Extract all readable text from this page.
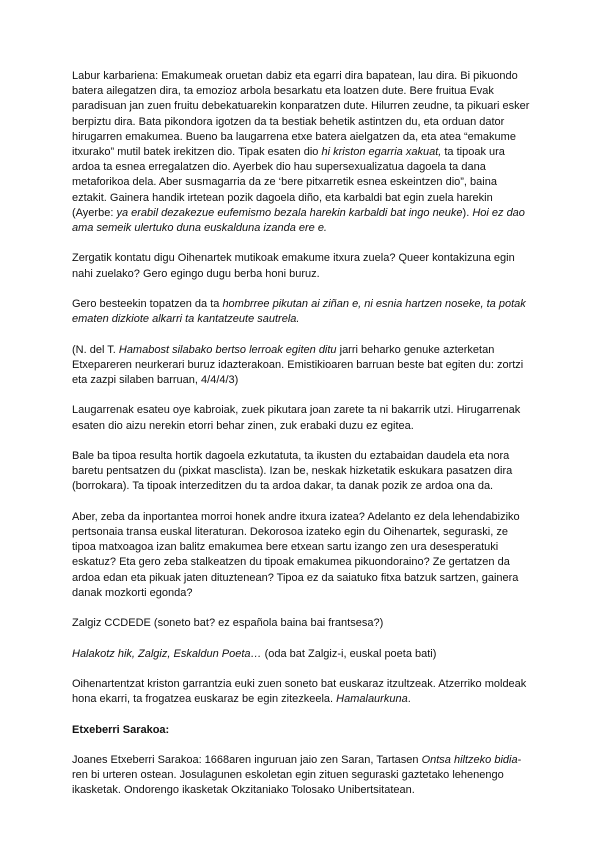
Labur karbariena: Emakumeak oruetan dabiz eta egarri dira bapatean, lau dira. Bi pikuondo batera ailegatzen dira, ta emozioz arbola besarkatu eta loatzen dute. Bere fruitua Evak paradisuan jan zuen fruitu debekatuarekin konparatzen dute. Hilurren zeudne, ta pikuari esker berpiztu dira. Bata pikondora igotzen da ta bestiak behetik astintzen du, eta orduan dator hirugarren emakumea. Bueno ba laugarrena etxe batera aielgatzen da, eta atea “emakume itxurako” mutil batek irekitzen dio. Tipak esaten dio hi kriston egarria xakuat, ta tipoak ura ardoa ta esnea erregalatzen dio. Ayerbek dio hau supersexualizatua dagoela ta dana metaforikoa dela. Aber susmagarria da ze ‘bere pitxarretik esnea eskeintzen dio”, baina eztakit. Gainera handik irtetean pozik dagoela diño, eta karbaldi bat egin zuela harekin (Ayerbe: ya erabil dezakezue eufemismo bezala harekin karbaldi bat ingo neuke). Hoi ez dao ama semeik ulertuko duna euskalduna izanda ere e.

Zergatik kontatu digu Oihenartek mutikoak emakume itxura zuela? Queer kontakizuna egin nahi zuelako? Gero egingo dugu berba honi buruz.

Gero besteekin topatzen da ta hombrree pikutan ai ziñan e, ni esnia hartzen noseke, ta potak ematen dizkiote alkarri ta kantatzeute sautrela.

(N. del T. Hamabost silabako bertso lerroak egiten ditu jarri beharko genuke azterketan Etxepareren neurkerari buruz idazterakoan. Emistikioaren barruan beste bat egiten du: zortzi eta zazpi silaben barruan, 4/4/4/3)

Laugarrenak esateu oye kabroiak, zuek pikutara joan zarete ta ni bakarrik utzi. Hirugarrenak esaten dio aizu nerekin etorri behar zinen, zuk erabaki duzu ez egitea.

Bale ba tipoa resulta hortik dagoela ezkutatuta, ta ikusten du eztabaidan daudela eta nora baretu pentsatzen du (pixkat masclista). Izan be, neskak hizketatik eskukara pasatzen dira (borrokara). Ta tipoak interzeditzen du ta ardoa dakar, ta danak pozik ze ardoa ona da.

Aber, zeba da inportantea morroi honek andre itxura izatea? Adelanto ez dela lehendabiziko pertsonaia transa euskal literaturan. Dekorosoa izateko egin du Oihenartek, seguraski, ze tipoa matxoagoa izan balitz emakumea bere etxean sartu izango zen ura desesperatuki eskatuz? Eta gero zeba stalkeatzen du tipoak emakumea pikuondoraino? Ze gertatzen da ardoa edan eta pikuak jaten dituztenean? Tipoa ez da saiatuko fitxa batzuk sartzen, gainera danak mozkorti egonda?

Zalgiz CCDEDE (soneto bat? ez española baina bai frantsesa?)

Halakotz hik, Zalgiz, Eskaldun Poeta… (oda bat Zalgiz-i, euskal poeta bati)

Oihenartentzat kriston garrantzia euki zuen soneto bat euskaraz itzultzeak. Atzerriko moldeak hona ekarri, ta frogatzea euskaraz be egin zitezkeela. Hamalaurkuna.

Etxeberri Sarakoa:

Joanes Etxeberri Sarakoa: 1668aren inguruan jaio zen Saran, Tartasen Ontsa hiltzeko bidia-ren bi urteren ostean. Josulagunen eskoletan egin zituen seguraski gaztetako lehenengo ikasketak. Ondorengo ikasketak Okzitaniako Tolosako Unibertsitatean.
